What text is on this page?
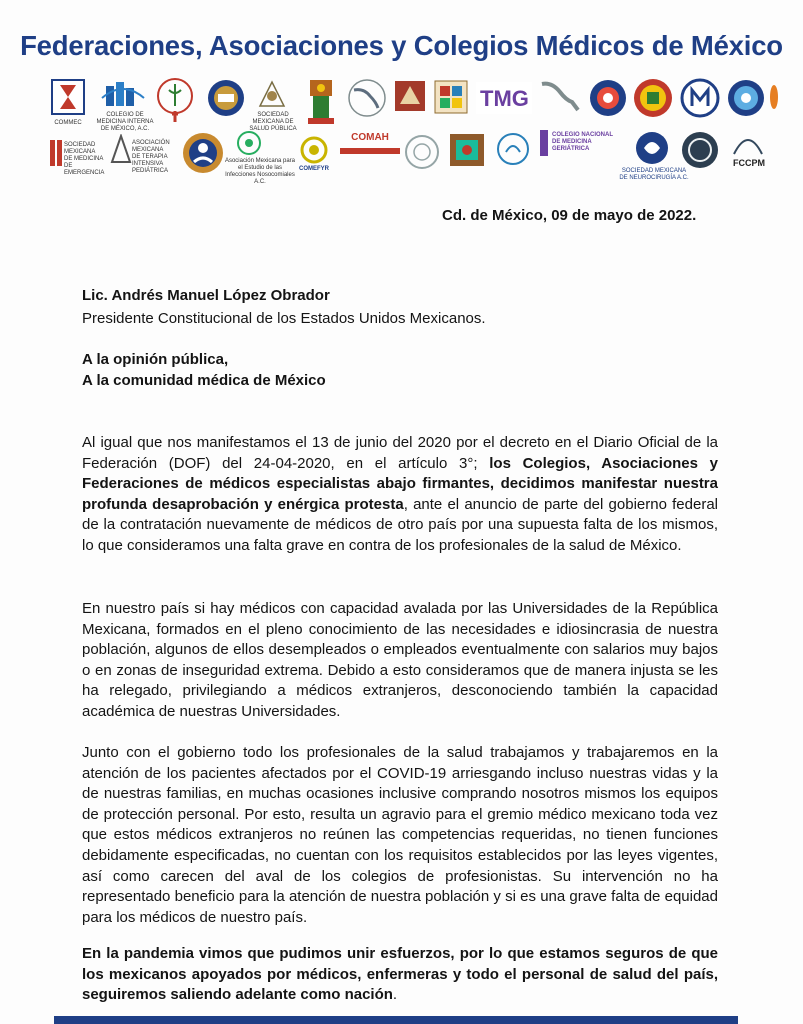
Federaciones, Asociaciones y Colegios Médicos de México
COMMEC
COLEGIO DE MEDICINA INTERNA DE MÉXICO, A.C.
SOCIEDAD MEXICANA DE SALUD PÚBLICA
TMG
SOCIEDAD MEXICANA DE MEDICINA DE EMERGENCIA
ASOCIACIÓN MEXICANA DE TERAPIA INTENSIVA PEDIÁTRICA
Asociación Mexicana para el Estudio de las Infecciones Nosocomiales A.C.
COMEFYR
COMAH	COLEGIO NACIONAL DE MEDICINA GERIÁTRICA
SOCIEDAD MEXICANA DE NEUROCIRUGÍA A.C.
FCCPM
Cd. de México, 09 de mayo de 2022.
Lic. Andrés Manuel López Obrador
Presidente Constitucional de los Estados Unidos Mexicanos.
A la opinión pública,
A la comunidad médica de México

Al igual que nos manifestamos el 13 de junio del 2020 por el decreto en el Diario Oficial de la Federación (DOF) del 24-04-2020, en el artículo 3°; los Colegios, Asociaciones y Federaciones de médicos especialistas abajo firmantes, decidimos manifestar nuestra profunda desaprobación y enérgica protesta, ante el anuncio de parte del gobierno federal de la contratación nuevamente de médicos de otro país por una supuesta falta de los mismos, lo que consideramos una falta grave en contra de los profesionales de la salud de México.

En nuestro país si hay médicos con capacidad avalada por las Universidades de la República Mexicana, formados en el pleno conocimiento de las necesidades e idiosincrasia de nuestra población, algunos de ellos desempleados o empleados eventualmente con salarios muy bajos o en zonas de inseguridad extrema. Debido a esto consideramos que de manera injusta se les ha relegado, privilegiando a médicos extranjeros, desconociendo también la capacidad académica de nuestras Universidades.

Junto con el gobierno todo los profesionales de la salud trabajamos y trabajaremos en la atención de los pacientes afectados por el COVID-19 arriesgando incluso nuestras vidas y la de nuestras familias, en muchas ocasiones inclusive comprando nosotros mismos los equipos de protección personal. Por esto, resulta un agravio para el gremio médico mexicano toda vez que estos médicos extranjeros no reúnen las competencias requeridas, no tienen funciones debidamente especificadas, no cuentan con los requisitos establecidos por las leyes vigentes, así como carecen del aval de los colegios de profesionistas. Su intervención no ha representado beneficio para la atención de nuestra población y si es una grave falta de equidad para los médicos de nuestro país.

En la pandemia vimos que pudimos unir esfuerzos, por lo que estamos seguros de que los mexicanos apoyados por médicos, enfermeras y todo el personal de salud del país, seguiremos saliendo adelante como nación.
